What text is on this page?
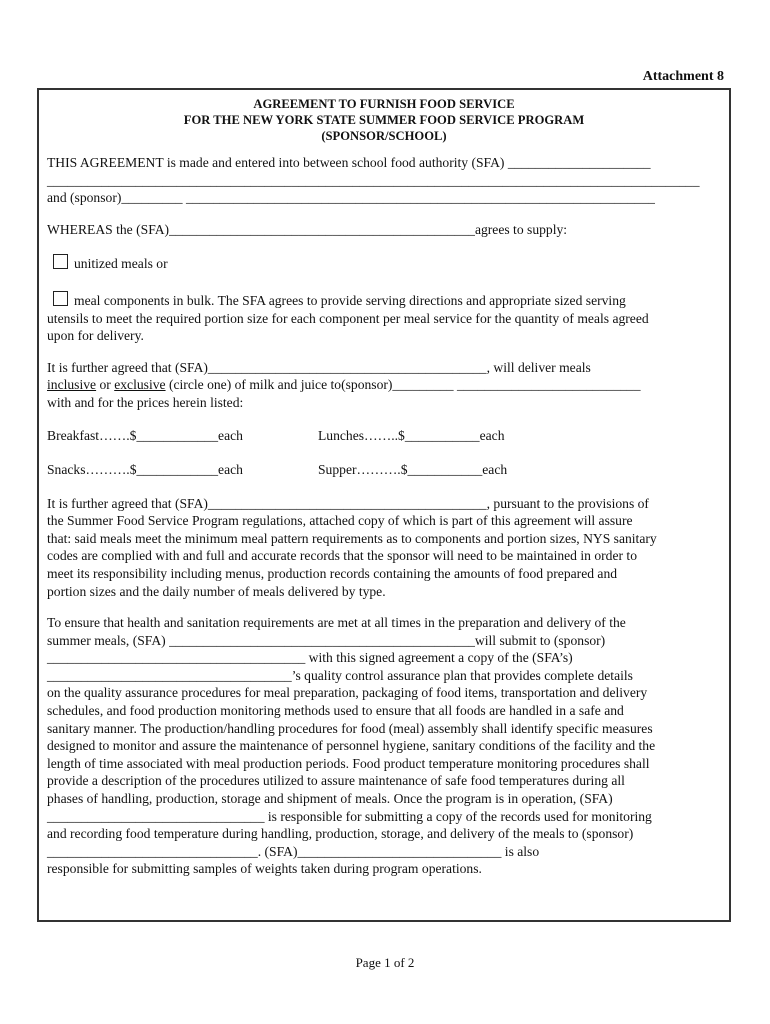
Attachment 8
AGREEMENT TO FURNISH FOOD SERVICE
FOR THE NEW YORK STATE SUMMER FOOD SERVICE PROGRAM
(SPONSOR/SCHOOL)

THIS AGREEMENT is made and entered into between school food authority (SFA) _____________________

________________________________________________________________________________________________

and (sponsor)_________ _____________________________________________________________________

WHEREAS the (SFA)_____________________________________________agrees to supply:

unitized meals or

meal components in bulk. The SFA agrees to provide serving directions and appropriate sized serving

utensils to meet the required portion size for each component per meal service for the quantity of meals agreed

upon for delivery.

It is further agreed that (SFA)_________________________________________, will deliver meals

inclusive or exclusive (circle one) of milk and juice to(sponsor)_________ ___________________________

with and for the prices herein listed:

Breakfast…….$____________each	Lunches……..$___________each
Snacks……….$____________each	Supper……….$___________each

It is further agreed that (SFA)_________________________________________, pursuant to the provisions of

the Summer Food Service Program regulations, attached copy of which is part of this agreement will assure

that: said meals meet the minimum meal pattern requirements as to components and portion sizes, NYS sanitary

codes are complied with and full and accurate records that the sponsor will need to be maintained in order to

meet its responsibility including menus, production records containing the amounts of food prepared and

portion sizes and the daily number of meals delivered by type.

To ensure that health and sanitation requirements are met at all times in the preparation and delivery of the

summer meals, (SFA) _____________________________________________will submit to (sponsor)

______________________________________ with this signed agreement a copy of the (SFA’s)

____________________________________’s quality control assurance plan that provides complete details

on the quality assurance procedures for meal preparation, packaging of food items, transportation and delivery

schedules, and food production monitoring methods used to ensure that all foods are handled in a safe and

sanitary manner. The production/handling procedures for food (meal) assembly shall identify specific measures

designed to monitor and assure the maintenance of personnel hygiene, sanitary conditions of the facility and the

length of time associated with meal production periods. Food product temperature monitoring procedures shall

provide a description of the procedures utilized to assure maintenance of safe food temperatures during all

phases of handling, production, storage and shipment of meals. Once the program is in operation, (SFA)

________________________________ is responsible for submitting a copy of the records used for monitoring

and recording food temperature during handling, production, storage, and delivery of the meals to (sponsor)

_______________________________. (SFA)______________________________ is also

responsible for submitting samples of weights taken during program operations.

Page 1 of 2
